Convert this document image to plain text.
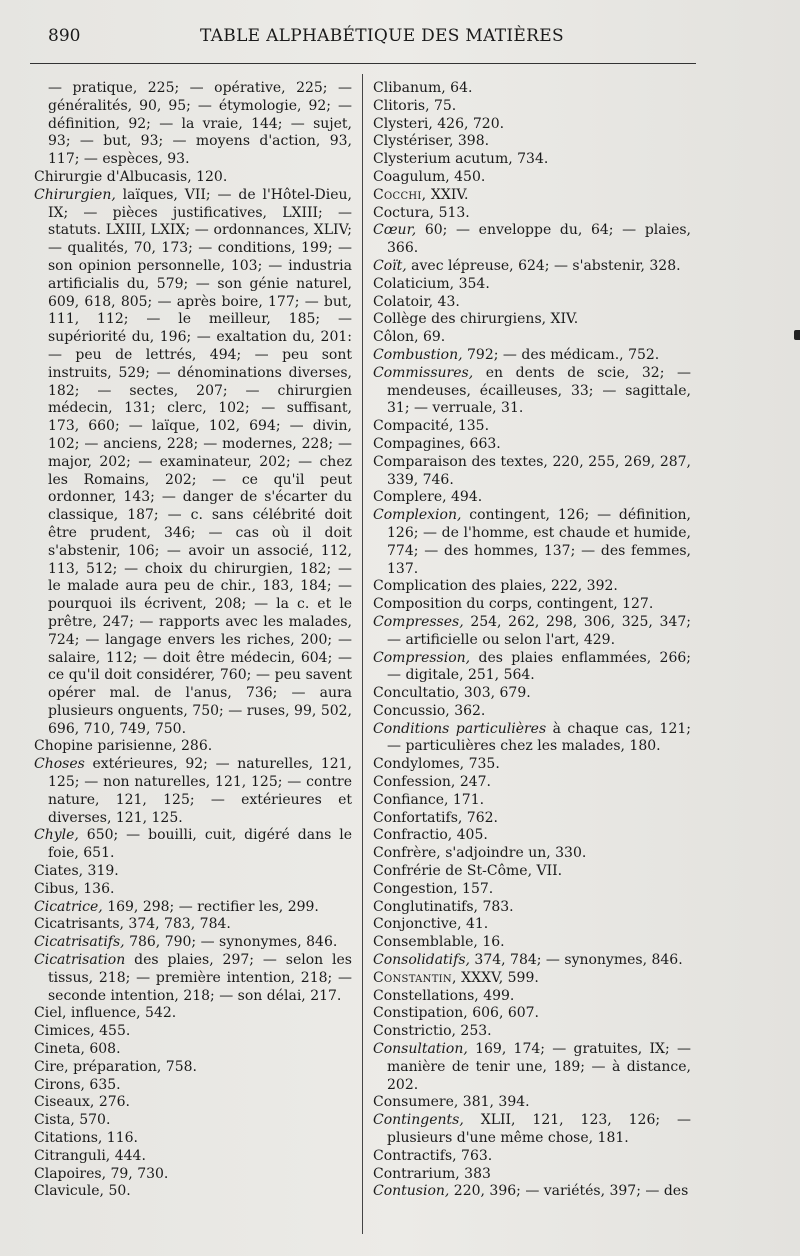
890	TABLE ALPHABÉTIQUE DES MATIÈRES

— pratique, 225; — opérative, 225; — généralités, 90, 95; — étymologie, 92; — définition, 92; — la vraie, 144; — sujet, 93; — but, 93; — moyens d'action, 93, 117; — espèces, 93.

Chirurgie d'Albucasis, 120.

Chirurgien, laïques, VII; — de l'Hôtel-Dieu, IX; — pièces justificatives, LXIII; — statuts. LXIII, LXIX; — ordonnances, XLIV; — qualités, 70, 173; — conditions, 199; — son opinion personnelle, 103; — industria artificialis du, 579; — son génie naturel, 609, 618, 805; — après boire, 177; — but, 111, 112; — le meilleur, 185; — supériorité du, 196; — exaltation du, 201: — peu de lettrés, 494; — peu sont instruits, 529; — dénominations diverses, 182; — sectes, 207; — chirurgien médecin, 131; clerc, 102; — suffisant, 173, 660; — laïque, 102, 694; — divin, 102; — anciens, 228; — modernes, 228; — major, 202; — examinateur, 202; — chez les Romains, 202; — ce qu'il peut ordonner, 143; — danger de s'écarter du classique, 187; — c. sans célébrité doit être prudent, 346; — cas où il doit s'abstenir, 106; — avoir un associé, 112, 113, 512; — choix du chirurgien, 182; — le malade aura peu de chir., 183, 184; — pourquoi ils écrivent, 208; — la c. et le prêtre, 247; — rapports avec les malades, 724; — langage envers les riches, 200; — salaire, 112; — doit être médecin, 604; — ce qu'il doit considérer, 760; — peu savent opérer mal. de l'anus, 736; — aura plusieurs onguents, 750; — ruses, 99, 502, 696, 710, 749, 750.

Chopine parisienne, 286.

Choses extérieures, 92; — naturelles, 121, 125; — non naturelles, 121, 125; — contre nature, 121, 125; — extérieures et diverses, 121, 125.

Chyle, 650; — bouilli, cuit, digéré dans le foie, 651.

Ciates, 319.

Cibus, 136.

Cicatrice, 169, 298; — rectifier les, 299.

Cicatrisants, 374, 783, 784.

Cicatrisatifs, 786, 790; — synonymes, 846.

Cicatrisation des plaies, 297; — selon les tissus, 218; — première intention, 218; — seconde intention, 218; — son délai, 217.

Ciel, influence, 542.

Cimices, 455.

Cineta, 608.

Cire, préparation, 758.

Cirons, 635.

Ciseaux, 276.

Cista, 570.

Citations, 116.

Citranguli, 444.

Clapoires, 79, 730.

Clavicule, 50.

Clibanum, 64.

Clitoris, 75.

Clysteri, 426, 720.

Clystériser, 398.

Clysterium acutum, 734.

Coagulum, 450.

Cocchi, XXIV.

Coctura, 513.

Cœur, 60; — enveloppe du, 64; — plaies, 366.

Coït, avec lépreuse, 624; — s'abstenir, 328.

Colaticium, 354.

Colatoir, 43.

Collège des chirurgiens, XIV.

Côlon, 69.

Combustion, 792; — des médicam., 752.

Commissures, en dents de scie, 32; — mendeuses, écailleuses, 33; — sagittale, 31; — verruale, 31.

Compacité, 135.

Compagines, 663.

Comparaison des textes, 220, 255, 269, 287, 339, 746.

Complere, 494.

Complexion, contingent, 126; — définition, 126; — de l'homme, est chaude et humide, 774; — des hommes, 137; — des femmes, 137.

Complication des plaies, 222, 392.

Composition du corps, contingent, 127.

Compresses, 254, 262, 298, 306, 325, 347; — artificielle ou selon l'art, 429.

Compression, des plaies enflammées, 266; — digitale, 251, 564.

Concultatio, 303, 679.

Concussio, 362.

Conditions particulières à chaque cas, 121; — particulières chez les malades, 180.

Condylomes, 735.

Confession, 247.

Confiance, 171.

Confortatifs, 762.

Confractio, 405.

Confrère, s'adjoindre un, 330.

Confrérie de St-Côme, VII.

Congestion, 157.

Conglutinatifs, 783.

Conjonctive, 41.

Consemblable, 16.

Consolidatifs, 374, 784; — synonymes, 846.

Constantin, XXXV, 599.

Constellations, 499.

Constipation, 606, 607.

Constrictio, 253.

Consultation, 169, 174; — gratuites, IX; — manière de tenir une, 189; — à distance, 202.

Consumere, 381, 394.

Contingents, XLII, 121, 123, 126; — plusieurs d'une même chose, 181.

Contractifs, 763.

Contrarium, 383

Contusion, 220, 396; — variétés, 397; — des
